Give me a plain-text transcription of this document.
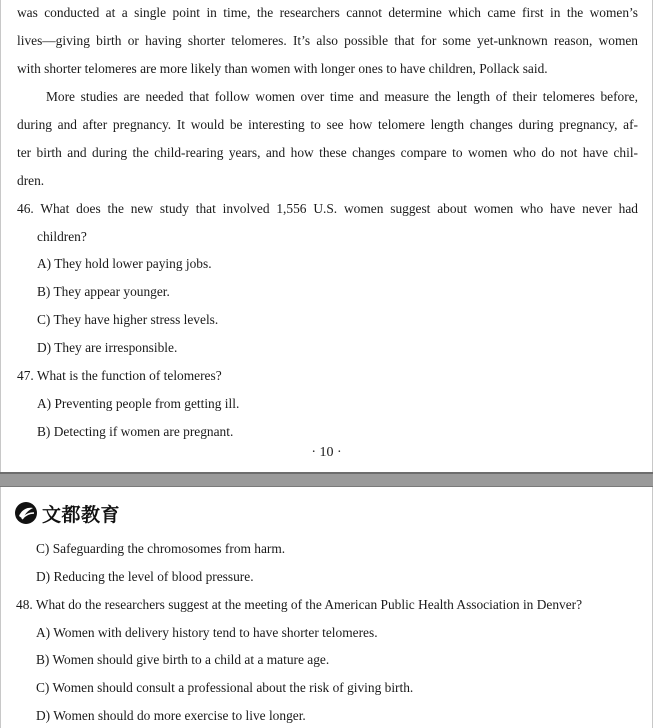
was conducted at a single point in time, the researchers cannot determine which came first in the women’s
lives—giving birth or having shorter telomeres. It’s also possible that for some yet-unknown reason, women
with shorter telomeres are more likely than women with longer ones to have children, Pollack said.
More studies are needed that follow women over time and measure the length of their telomeres before,
during and after pregnancy. It would be interesting to see how telomere length changes during pregnancy, af-
ter birth and during the child-rearing years, and how these changes compare to women who do not have chil-
dren.
46. What does the new study that involved 1,556 U.S. women suggest about women who have never had
children?
A) They hold lower paying jobs.
B) They appear younger.
C) They have higher stress levels.
D) They are irresponsible.
47. What is the function of telomeres?
A) Preventing people from getting ill.
B) Detecting if women are pregnant.
· 10 ·
文都教育
C) Safeguarding the chromosomes from harm.
D) Reducing the level of blood pressure.
48. What do the researchers suggest at the meeting of the American Public Health Association in Denver?
A) Women with delivery history tend to have shorter telomeres.
B) Women should give birth to a child at a mature age.
C) Women should consult a professional about the risk of giving birth.
D) Women should do more exercise to live longer.
